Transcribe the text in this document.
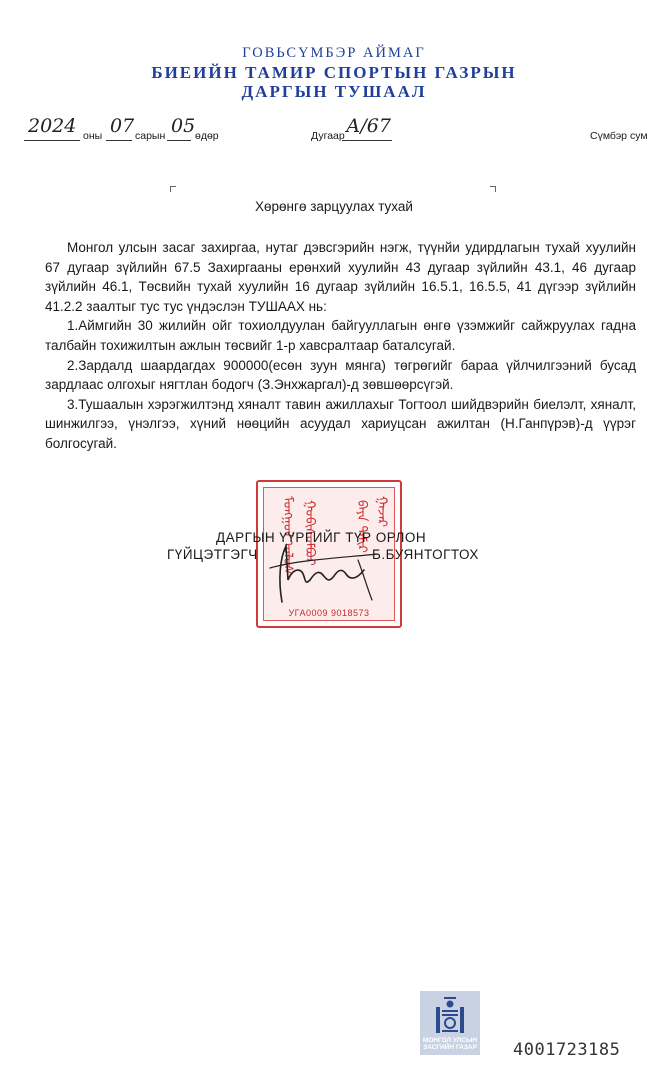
ГОВЬСҮМБЭР АЙМАГ
БИЕИЙН ТАМИР СПОРТЫН ГАЗРЫН
ДАРГЫН ТУШААЛ
2024 оны 07 сарын 05 өдөр	Дугаар А/67	Сүмбэр сум
Хөрөнгө зарцуулах тухай

Монгол улсын засаг захиргаа, нутаг дэвсгэрийн нэгж, түүнйи удирдлагын тухай хуулийн 67 дугаар зүйлийн 67.5 Захиргааны ерөнхий хуулийн 43 дугаар зүйлийн 43.1, 46 дугаар зүйлийн 46.1, Төсвийн тухай хуулийн 16 дугаар зүйлийн 16.5.1, 16.5.5, 41 дүгээр зүйлийн 41.2.2 заалтыг тус тус үндэслэн ТУШААХ нь:

1.Аймгийн 30 жилийн ойг тохиолдуулан байгууллагын өнгө үзэмжийг сайжруулах гадна талбайн тохижилтын ажлын төсвийг 1-р хавсралтаар баталсугай.

2.Зардалд шаардагдах 900000(есөн зуун мянга) төгрөгийг бараа үйлчилгээний бусад зардлаас олгохыг нягтлан бодогч (З.Энхжаргал)-д зөвшөөрсүгэй.

3.Тушаалын хэрэгжилтэнд хяналт тавин ажиллахыг Тогтоол шийдвэрийн биелэлт, хяналт, шинжилгээ, үнэлгээ, хүний нөөцийн асуудал хариуцсан ажилтан (Н.Ганпүрэв)-д үүрэг болгосугай.

ᠮᠣᠩᠭᠣᠯ ᠤᠯᠤᠰ ᠭᠣᠪᠢᠰᠦᠮᠪᠦᠷ	ᠪᠡᠶᠡ ᠲᠠᠮᠢᠷ ᠭᠠᠵᠠᠷ
УГА0009 9018573
ДАРГЫН ҮҮРГИЙГ ТҮР ОРЛОН
ГҮЙЦЭТГЭГЧ	Б.БУЯНТОГТОХ
МОНГОЛ УЛСЫН
ЗАСГИЙН ГАЗАР 4001723185
